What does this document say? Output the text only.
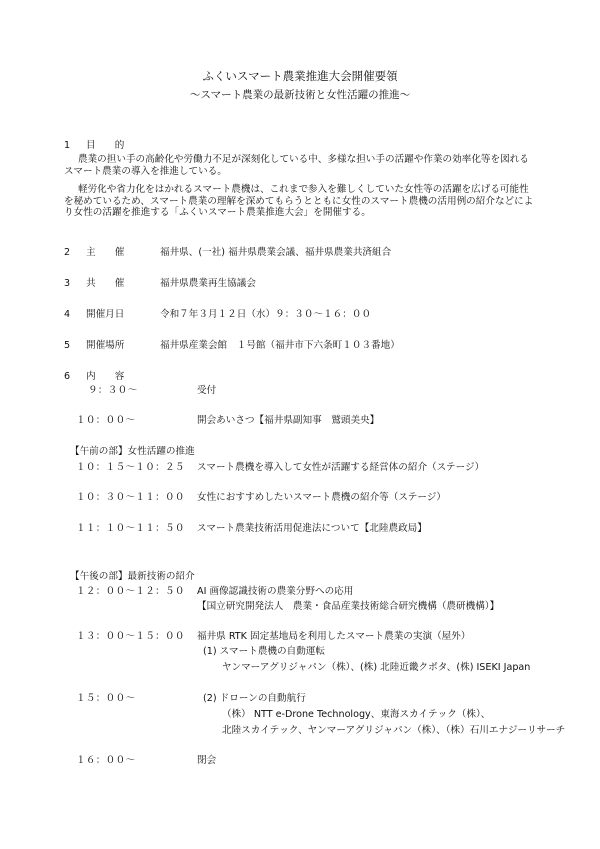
ふくいスマート農業推進大会開催要領
～スマート農業の最新技術と女性活躍の推進～
1 目　　的
農業の担い手の高齢化や労働力不足が深刻化している中、多様な担い手の活躍や作業の効率化等を図れる
スマート農業の導入を推進している。
軽労化や省力化をはかれるスマート農機は、これまで参入を難しくしていた女性等の活躍を広げる可能性
を秘めているため、スマート農業の理解を深めてもらうとともに女性のスマート農機の活用例の紹介などによ
り女性の活躍を推進する「ふくいスマート農業推進大会」を開催する。
2 主　　催	福井県、(一社) 福井県農業会議、福井県農業共済組合
3 共　　催	福井県農業再生協議会
4 開催月日	令和７年３月１２日（水）９：３０～１６：００
5 開催場所	福井県産業会館　１号館（福井市下六条町１０３番地）
6 内　　容
９：３０～	受付
１０：００～	開会あいさつ【福井県副知事　鷲頭美央】
【午前の部】女性活躍の推進
１０：１５～１０：２５ スマート農機を導入して女性が活躍する経営体の紹介（ステージ）
１０：３０～１１：００ 女性におすすめしたいスマート農機の紹介等（ステージ）
１１：１０～１１：５０ スマート農業技術活用促進法について【北陸農政局】
【午後の部】最新技術の紹介
１２：００～１２：５０ AI 画像認識技術の農業分野への応用
【国立研究開発法人　農業・食品産業技術総合研究機構（農研機構）】
１３：００～１５：００ 福井県 RTK 固定基地局を利用したスマート農業の実演（屋外）
(1) スマート農機の自動運転
ヤンマーアグリジャパン（株）、(株) 北陸近畿クボタ、(株) ISEKI Japan
１５：００～	(2) ドローンの自動航行
（株） NTT e-Drone Technology、東海スカイテック（株）、
北陸スカイテック、ヤンマーアグリジャパン（株）、（株）石川エナジーリサーチ
１６：００～	閉会
